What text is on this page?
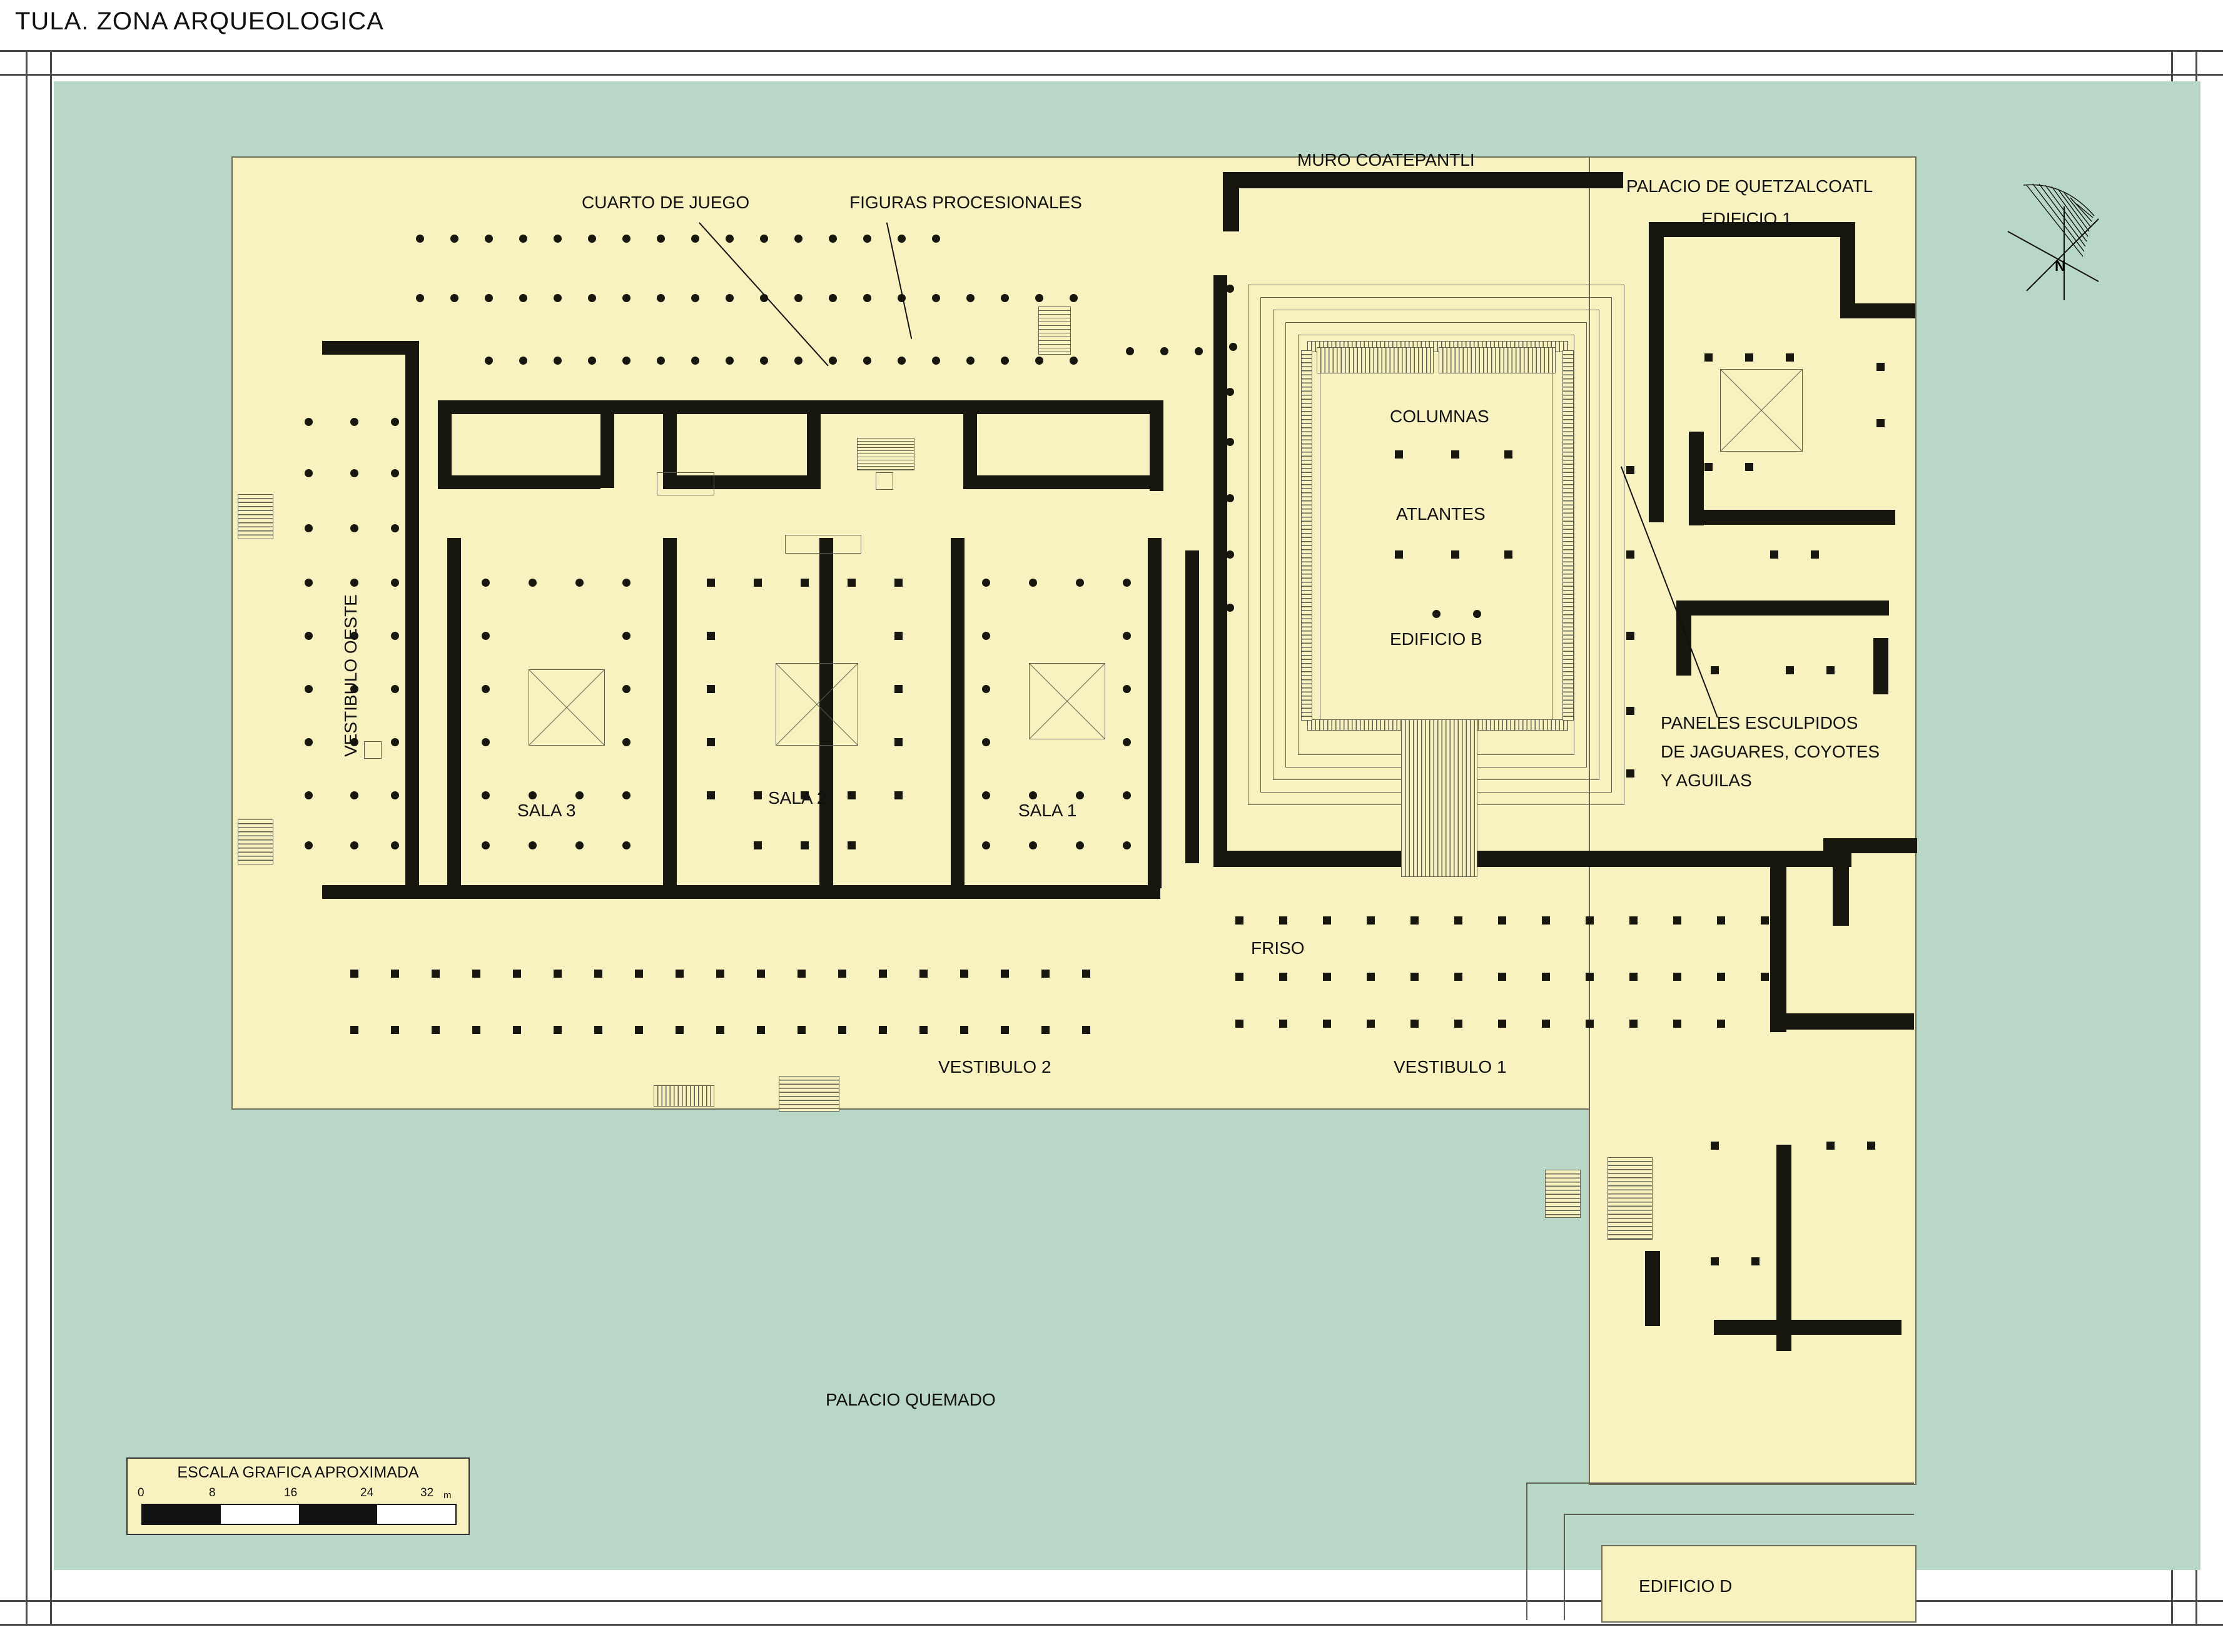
TULA. ZONA ARQUEOLOGICA
MURO COATEPANTLI
PALACIO DE QUETZALCOATL
EDIFICIO 1
CUARTO DE JUEGO	FIGURAS PROCESIONALES
COLUMNAS
ATLANTES
EDIFICIO B
PANELES ESCULPIDOS
DE JAGUARES, COYOTES
Y AGUILAS
VESTIBULO OESTE
SALA 3
SALA 2
SALA 1
FRISO
VESTIBULO 2	VESTIBULO 1
PALACIO QUEMADO
EDIFICIO D
ESCALA GRAFICA APROXIMADA
0	8	16	24	32 m
N
